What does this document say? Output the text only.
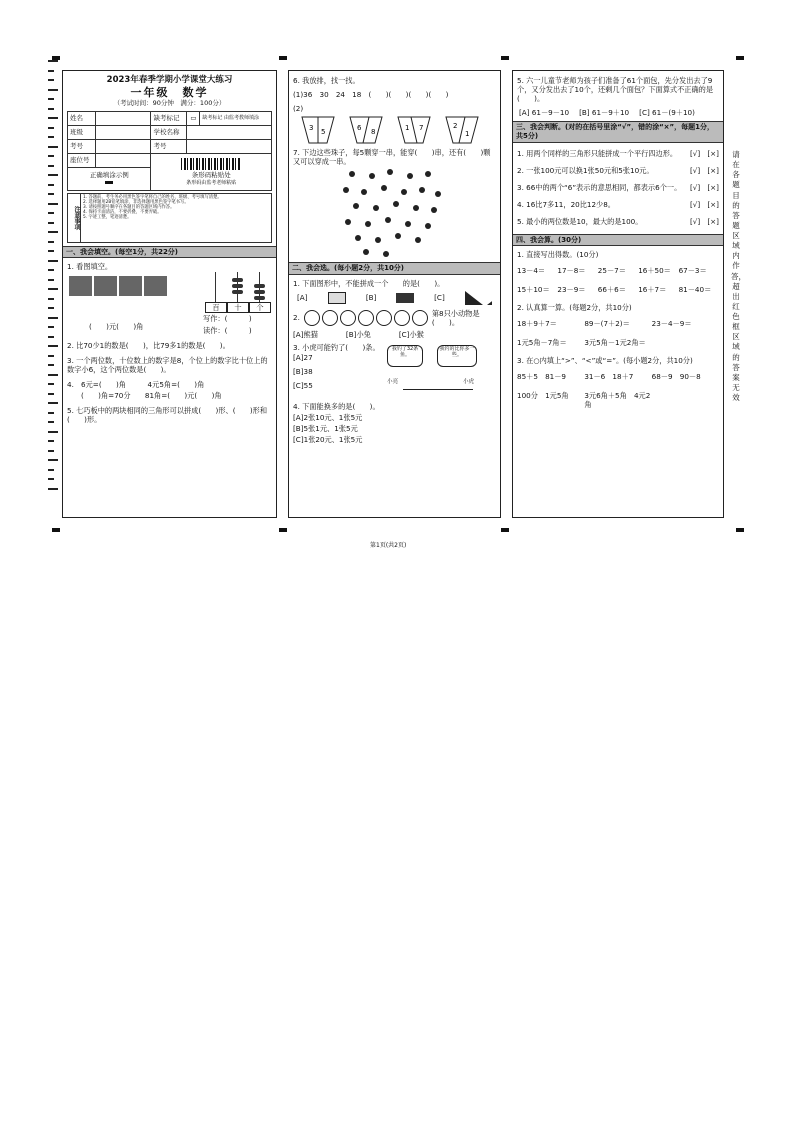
2023年春季学期小学课堂大练习
一年级　数学
（考试时间：90分钟　满分：100分）
姓名		缺考标记	▭	缺考标记 由监考教师填涂
班级		学校名称		
考号		考号		
座位号		条形码粘贴处
条形码由监考老师粘贴		

正确填涂示例				
注意事项
1. 答题前，考生务必用黑色签字笔将自己的姓名、班级、考号填写清楚。
2. 选择题用2B铅笔填涂，非选择题用黑色签字笔书写。
3. 请按照题号顺序在各题目的答题区域内作答。
4. 保持卡面清洁，不要折叠，不要弄破。
5. 字迹工整，笔迹清楚。
一、我会填空。(每空1分，共22分)
1. 看图填空。
百	十	个
(　　)元(　　)角
写作：(　　　)
读作：(　　　)
2. 比70少1的数是(　　)，比79多1的数是(　　)。
3. 一个两位数，十位数上的数字是8，个位上的数字比十位上的数字小6，这个两位数是(　　)。
4.　6元=(　　)角　　　4元5角=(　　)角
(　　)角=70分　　81角=(　　)元(　　)角
5. 七巧板中的两块相同的三角形可以拼成(　　)形、(　　)形和(　　)形。
6. 我放排，找一找。
(1)36　30　24　18　(　　)(　　)(　　)(　　)
(2)
3 5	6 8	1 7	2
1
7. 下边这些珠子，每5颗穿一串，能穿(　　)串，还有(　　)颗又可以穿成一串。
二、我会选。(每小题2分，共10分)
1. 下面图形中，不能拼成一个　　的是(　　)。
[A]	[B]	[C]
2.	第8只小动物是(　　)。
[A]熊猫	[B]小兔	[C]小猴
3. 小虎可能钓了(　　)条。
[A]27
[B]38
[C]55
我钓了32条鱼。
我钓的比你多一些。
小亮	小虎
4. 下面能换多的是(　　)。
[A]2张10元、1张5元
[B]5张1元、1张5元
[C]1张20元、1张5元
5. 六一儿童节老师为孩子们准备了61个面包，先分发出去了9个，又分发出去了10个，还剩几个面包？下面算式不正确的是(　　)。
[A] 61－9－10 [B] 61－9＋10 [C] 61－(9＋10)
三、我会判断。(对的在括号里涂“√”，错的涂“×”，每题1分，共5分)
1. 用两个同样的三角形只能拼成一个平行四边形。 [√]　[×]
2. 一张100元可以换1张50元和5张10元。	[√]　[×]
3. 66中的两个“6”表示的意思相同，都表示6个一。 [√]　[×]
4. 16比7多11，20比12少8。	[√]　[×]
5. 最小的两位数是10，最大的是100。	[√]　[×]
四、我会算。(30分)
1. 直接写出得数。(10分)
13－4＝	17－8＝	25－7＝	16＋50＝	67－3＝
15＋10＝	23－9＝	66＋6＝	16＋7＝	81－40＝
2. 认真算一算。(每题2分，共10分)
18＋9＋7＝	89－(7＋2)＝	23－4－9＝
1元5角－7角＝	3元5角－1元2角＝
3. 在○内填上“>”、“<”或“=”。(每小题2分，共10分)
85＋5　81－9	31－6　18＋7	68－9　90－8
100分　1元5角	3元6角＋5角　4元2角
请在各题目的答题区域内作答，超出红色框区域的答案无效
第1页(共2页)
